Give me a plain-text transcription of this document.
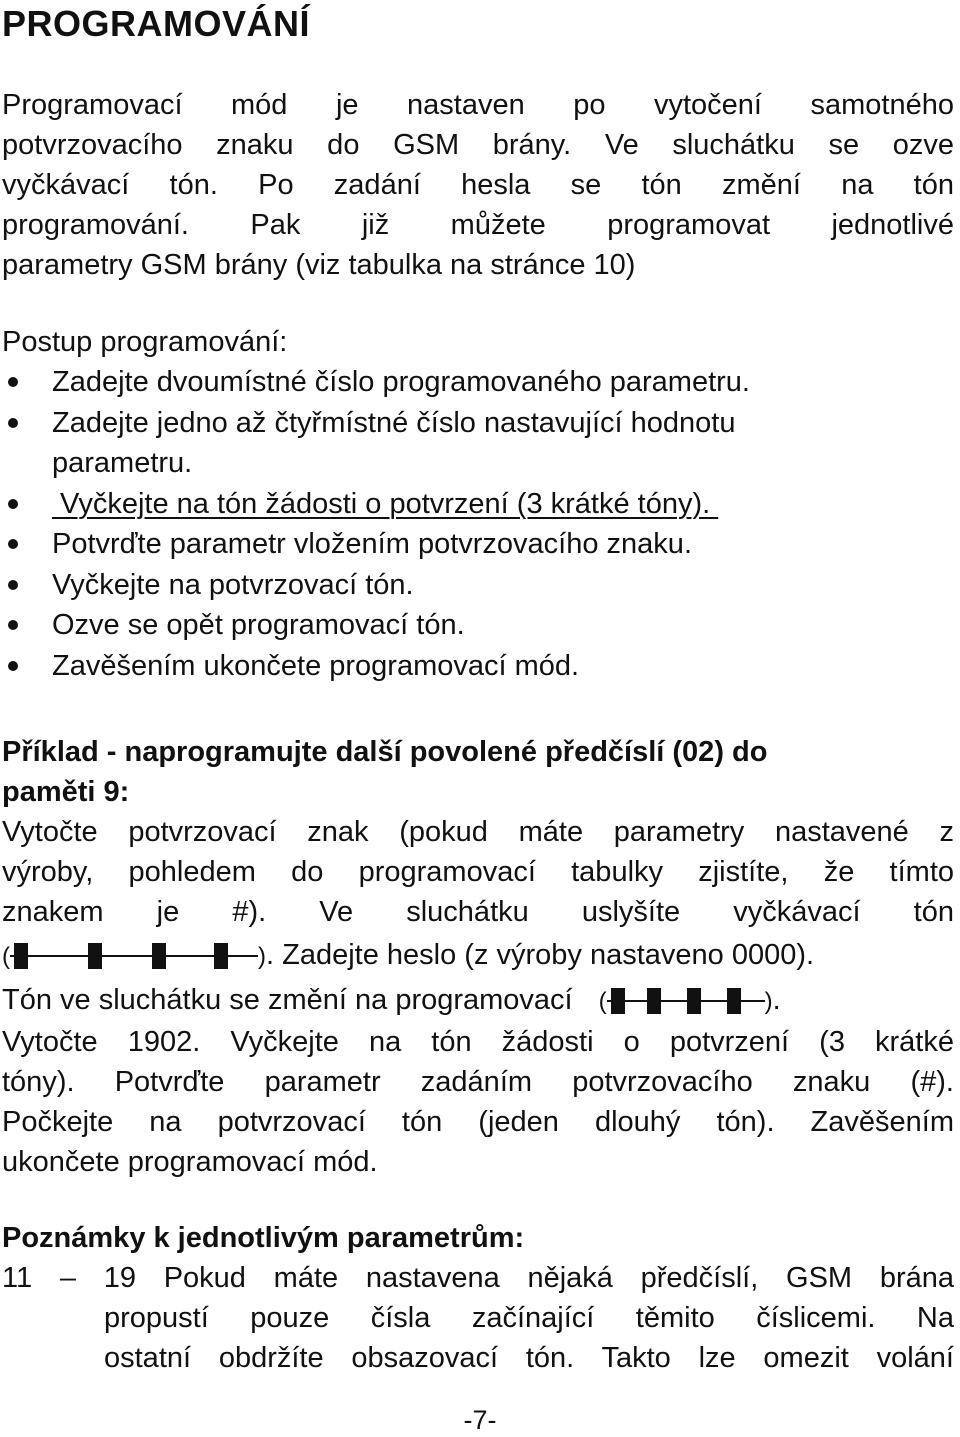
PROGRAMOVÁNÍ
Programovací mód je nastaven po vytočení samotného
potvrzovacího znaku do GSM brány. Ve sluchátku se ozve
vyčkávací tón. Po zadání hesla se tón změní na tón
programování. Pak již můžete programovat jednotlivé
parametry GSM brány (viz tabulka na stránce 10)
Postup programování:
Zadejte dvoumístné číslo programovaného parametru.
Zadejte jedno až čtyřmístné číslo nastavující hodnotu
parametru.
Vyčkejte na tón žádosti o potvrzení (3 krátké tóny).
Potvrďte parametr vložením potvrzovacího znaku.
Vyčkejte na potvrzovací tón.
Ozve se opět programovací tón.
Zavěšením ukončete programovací mód.
Příklad - naprogramujte další povolené předčíslí (02) do
paměti 9:
Vytočte potvrzovací znak (pokud máte parametry nastavené z
výroby, pohledem do programovací tabulky zjistíte, že tímto
znakem je #). Ve sluchátku uslyšíte vyčkávací tón
(	). Zadejte heslo (z výroby nastaveno 0000).
Tón ve sluchátku se změní na programovací (	).
Vytočte 1902. Vyčkejte na tón žádosti o potvrzení (3 krátké
tóny). Potvrďte parametr zadáním potvrzovacího znaku (#).
Počkejte na potvrzovací tón (jeden dlouhý tón). Zavěšením
ukončete programovací mód.
Poznámky k jednotlivým parametrům:
11 – 19 Pokud máte nastavena nějaká předčíslí, GSM brána
propustí pouze čísla začínající těmito číslicemi. Na
ostatní obdržíte obsazovací tón. Takto lze omezit volání
-7-
